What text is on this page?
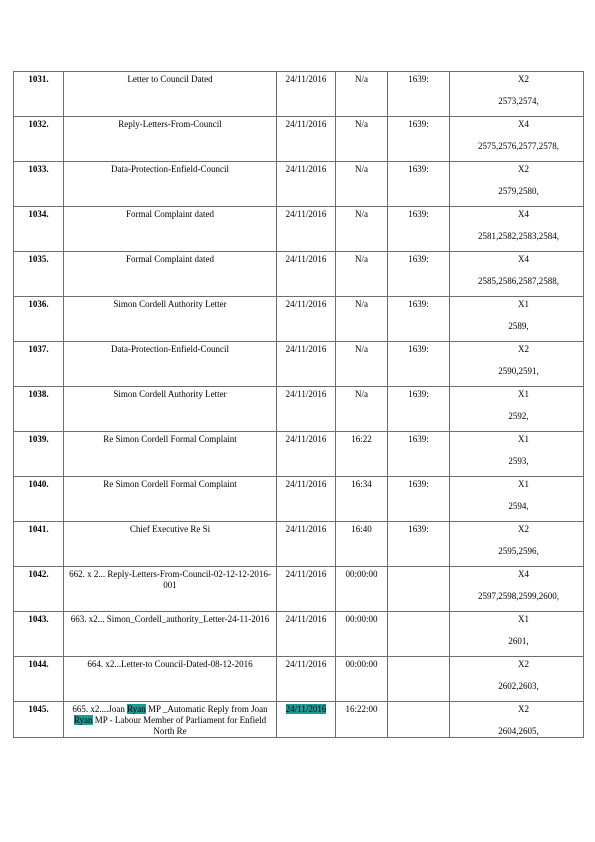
1031.	Letter to Council Dated	24/11/2016	N/a	1639:	X2
2573,2574,

1032.	Reply-Letters-From-Council	24/11/2016	N/a	1639:	X4
2575,2576,2577,2578,

1033.	Data-Protection-Enfield-Council	24/11/2016	N/a	1639:	X2
2579,2580,

1034.	Formal Complaint dated	24/11/2016	N/a	1639:	X4
2581,2582,2583,2584,

1035.	Formal Complaint dated	24/11/2016	N/a	1639:	X4
2585,2586,2587,2588,

1036.	Simon Cordell Authority Letter	24/11/2016	N/a	1639:	X1
2589,

1037.	Data-Protection-Enfield-Council	24/11/2016	N/a	1639:	X2
2590,2591,

1038.	Simon Cordell Authority Letter	24/11/2016	N/a	1639:	X1
2592,

1039.	Re Simon Cordell Formal Complaint	24/11/2016	16:22	1639:	X1
2593,

1040.	Re Simon Cordell Formal Complaint	24/11/2016	16:34	1639:	X1
2594,

1041.	Chief Executive Re Si	24/11/2016	16:40	1639:	X2
2595,2596,

1042.	662. x 2... Reply-Letters-From-Council-02-12-12-2016-001	24/11/2016	00:00:00		X4
2597,2598,2599,2600,

1043.	663. x2... Simon_Cordell_authority_Letter-24-11-2016	24/11/2016	00:00:00		X1
2601,

1044.	664. x2...Letter-to Council-Dated-08-12-2016	24/11/2016	00:00:00		X2
2602,2603,

1045.	665. x2....Joan Ryan MP _Automatic Reply from Joan Ryan MP - Labour Member of Parliament for Enfield North Re	24/11/2016	16:22:00		X2
2604,2605,
